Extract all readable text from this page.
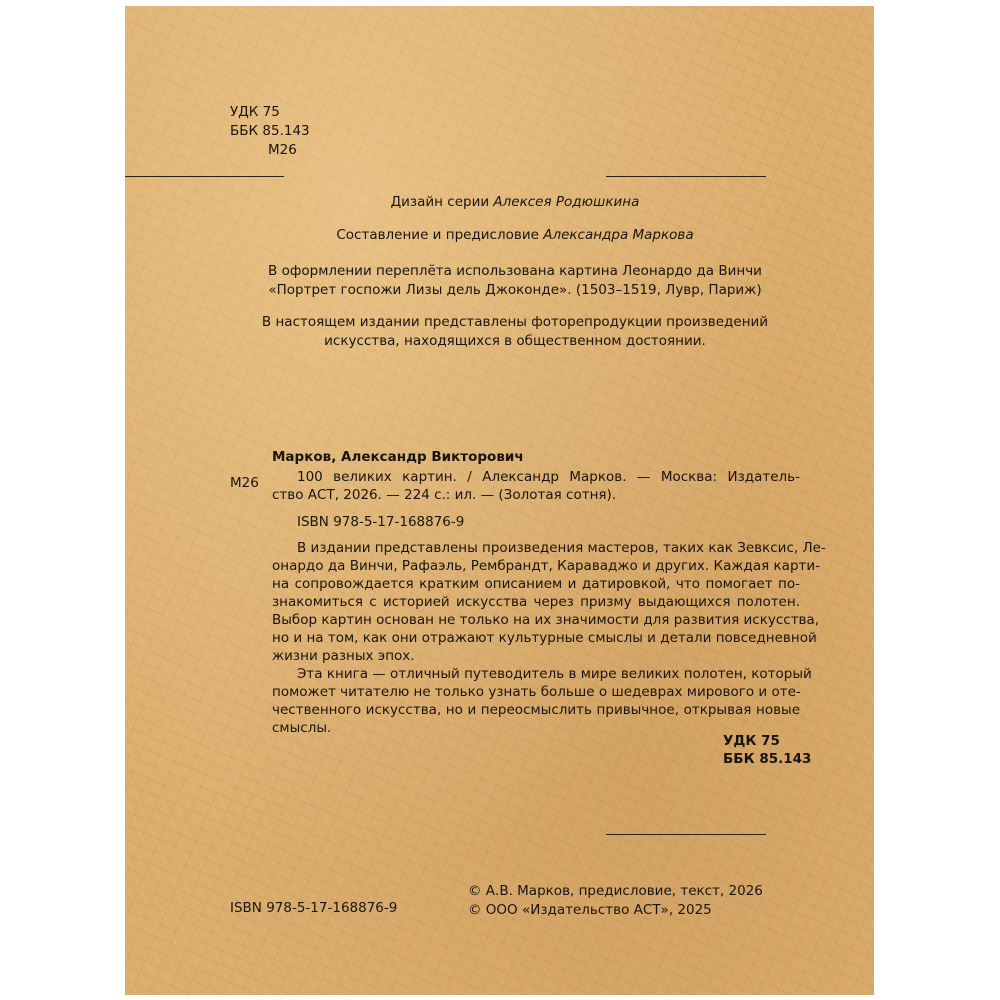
УДК 75
ББК 85.143
М26
Дизайн серии Алексея Родюшкина
Составление и предисловие Александра Маркова
В оформлении переплёта использована картина Леонардо да Винчи
«Портрет госпожи Лизы дель Джоконде». (1503–1519, Лувр, Париж)
В настоящем издании представлены фоторепродукции произведений
искусства, находящихся в общественном достоянии.
Марков, Александр Викторович
М26	100 великих картин. / Александр Марков. — Москва: Издатель-
ство АСТ, 2026. — 224 с.: ил. — (Золотая сотня).
ISBN 978-5-17-168876-9
В издании представлены произведения мастеров, таких как Зевксис, Ле-
онардо да Винчи, Рафаэль, Рембрандт, Караваджо и других. Каждая карти-
на сопровождается кратким описанием и датировкой, что помогает по-
знакомиться с историей искусства через призму выдающихся полотен.
Выбор картин основан не только на их значимости для развития искусства,
но и на том, как они отражают культурные смыслы и детали повседневной
жизни разных эпох.
Эта книга — отличный путеводитель в мире великих полотен, который
поможет читателю не только узнать больше о шедеврах мирового и оте-
чественного искусства, но и переосмыслить привычное, открывая новые
смыслы.
УДК 75
ББК 85.143
ISBN 978-5-17-168876-9
© А.В. Марков, предисловие, текст, 2026
© ООО «Издательство АСТ», 2025
